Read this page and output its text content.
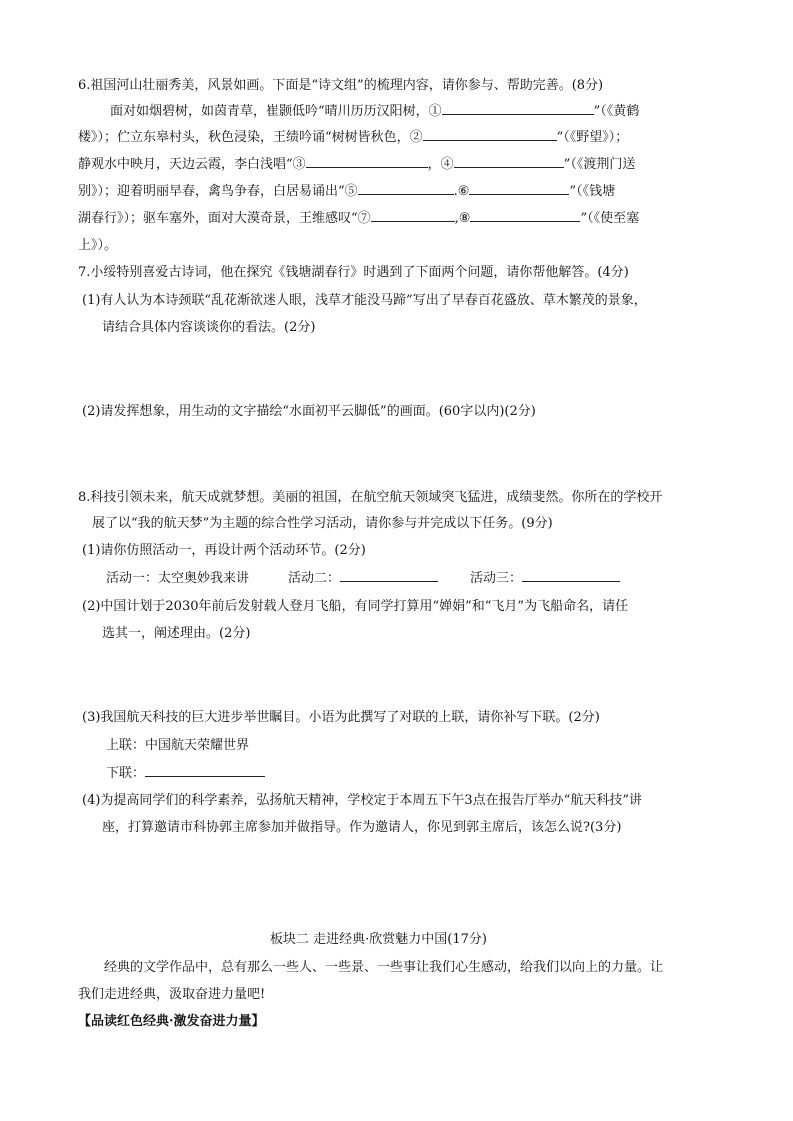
6.祖国河山壮丽秀美，风景如画。下面是“诗文组”的梳理内容，请你参与、帮助完善。(8分)
面对如烟碧树，如茵青草，崔颢低吟“晴川历历汉阳树，①	”（《黄鹤
楼》）；伫立东皋村头，秋色浸染，王绩吟诵“树树皆秋色，②	”（《野望》）；
静观水中映月，天边云霞，李白浅唱“③	，④	”（《渡荆门送
别》）；迎着明丽早春，禽鸟争春，白居易诵出“⑤	.⑥	”（《钱塘
湖春行》）；驱车塞外，面对大漠奇景，王维感叹“⑦	,⑧	”（《使至塞
上》）。
7.小绥特别喜爱古诗词，他在探究《钱塘湖春行》时遇到了下面两个问题，请你帮他解答。(4分)
(1)有人认为本诗颈联“乱花渐欲迷人眼，浅草才能没马蹄”写出了早春百花盛放、草木繁茂的景象，
请结合具体内容谈谈你的看法。(2分)
(2)请发挥想象，用生动的文字描绘“水面初平云脚低”的画面。(60字以内)(2分)
8.科技引领未来，航天成就梦想。美丽的祖国，在航空航天领域突飞猛进，成绩斐然。你所在的学校开
展了以“我的航天梦”为主题的综合性学习活动，请你参与并完成以下任务。(9分)
(1)请你仿照活动一，再设计两个活动环节。(2分)
活动一：太空奥妙我来讲	活动二：	活动三：
(2)中国计划于2030年前后发射载人登月飞船，有同学打算用“婵娟”和“飞月”为飞船命名，请任
选其一，阐述理由。(2分)
(3)我国航天科技的巨大进步举世瞩目。小语为此撰写了对联的上联，请你补写下联。(2分)
上联：中国航天荣耀世界
下联：
(4)为提高同学们的科学素养，弘扬航天精神，学校定于本周五下午3点在报告厅举办“航天科技”讲
座，打算邀请市科协郭主席参加并做指导。作为邀请人，你见到郭主席后，该怎么说?(3分)
板块二 走进经典·欣赏魅力中国(17分)
经典的文学作品中，总有那么一些人、一些景、一些事让我们心生感动，给我们以向上的力量。让
我们走进经典，汲取奋进力量吧!
【品读红色经典·激发奋进力量】
